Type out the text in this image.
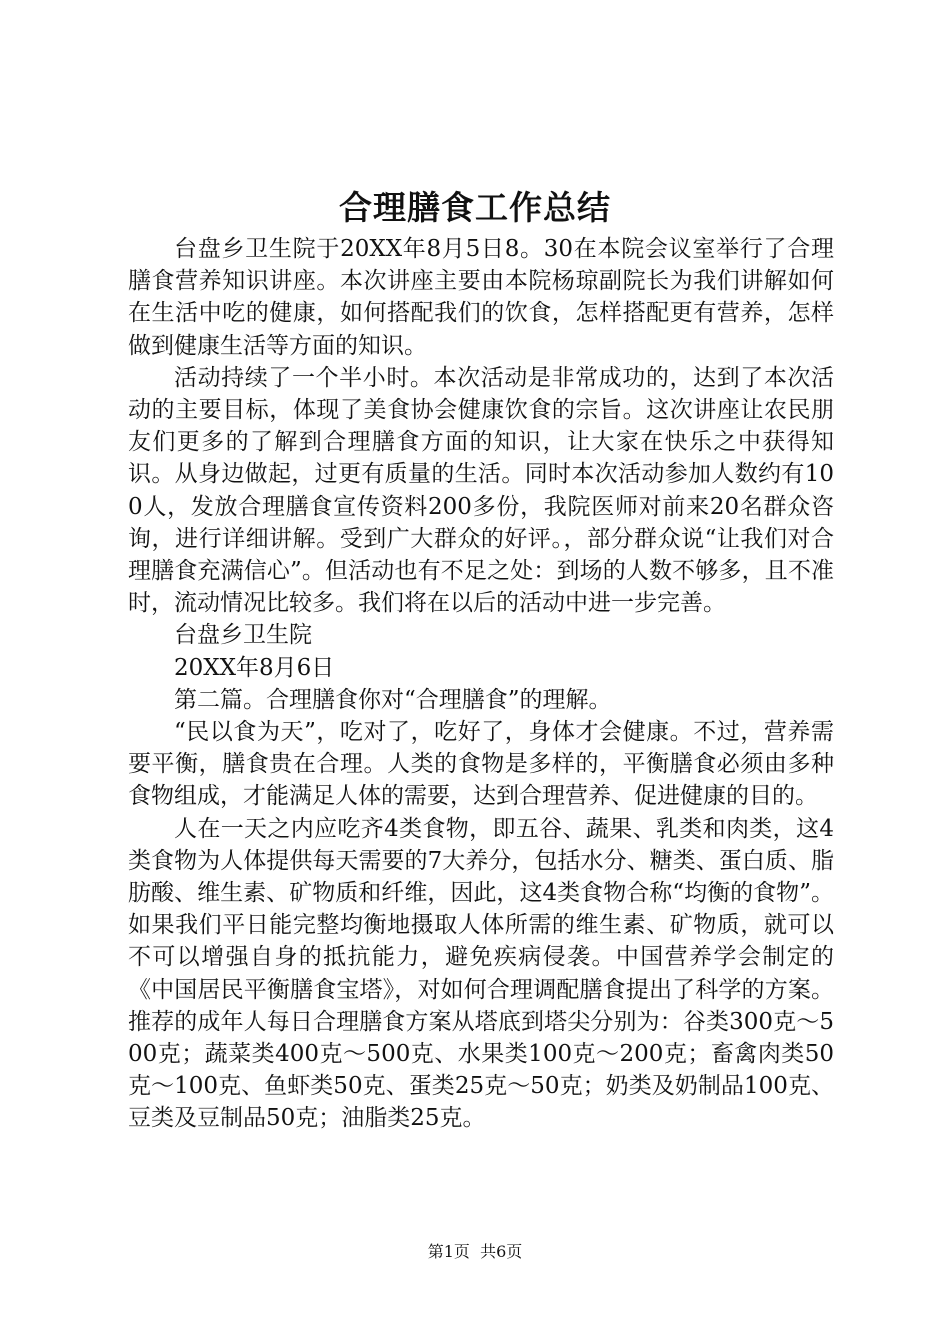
合理膳食工作总结

台盘乡卫生院于20XX年8月5日8。30在本院会议室举行了合理膳食营养知识讲座。本次讲座主要由本院杨琼副院长为我们讲解如何在生活中吃的健康，如何搭配我们的饮食，怎样搭配更有营养，怎样做到健康生活等方面的知识。

活动持续了一个半小时。本次活动是非常成功的，达到了本次活动的主要目标，体现了美食协会健康饮食的宗旨。这次讲座让农民朋友们更多的了解到合理膳食方面的知识，让大家在快乐之中获得知识。从身边做起，过更有质量的生活。同时本次活动参加人数约有100人，发放合理膳食宣传资料200多份，我院医师对前来20名群众咨询，进行详细讲解。受到广大群众的好评。，部分群众说“让我们对合理膳食充满信心”。但活动也有不足之处：到场的人数不够多，且不准时，流动情况比较多。我们将在以后的活动中进一步完善。

台盘乡卫生院

20XX年8月6日

第二篇。合理膳食你对“合理膳食”的理解。

“民以食为天”，吃对了，吃好了，身体才会健康。不过，营养需要平衡，膳食贵在合理。人类的食物是多样的，平衡膳食必须由多种食物组成，才能满足人体的需要，达到合理营养、促进健康的目的。

人在一天之内应吃齐4类食物，即五谷、蔬果、乳类和肉类，这4类食物为人体提供每天需要的7大养分，包括水分、糖类、蛋白质、脂肪酸、维生素、矿物质和纤维，因此，这4类食物合称“均衡的食物”。如果我们平日能完整均衡地摄取人体所需的维生素、矿物质，就可以不可以增强自身的抵抗能力，避免疾病侵袭。中国营养学会制定的《中国居民平衡膳食宝塔》，对如何合理调配膳食提出了科学的方案。推荐的成年人每日合理膳食方案从塔底到塔尖分别为：谷类300克～500克；蔬菜类400克～500克、水果类100克～200克；畜禽肉类50克～100克、鱼虾类50克、蛋类25克～50克；奶类及奶制品100克、豆类及豆制品50克；油脂类25克。

第1页  共6页
